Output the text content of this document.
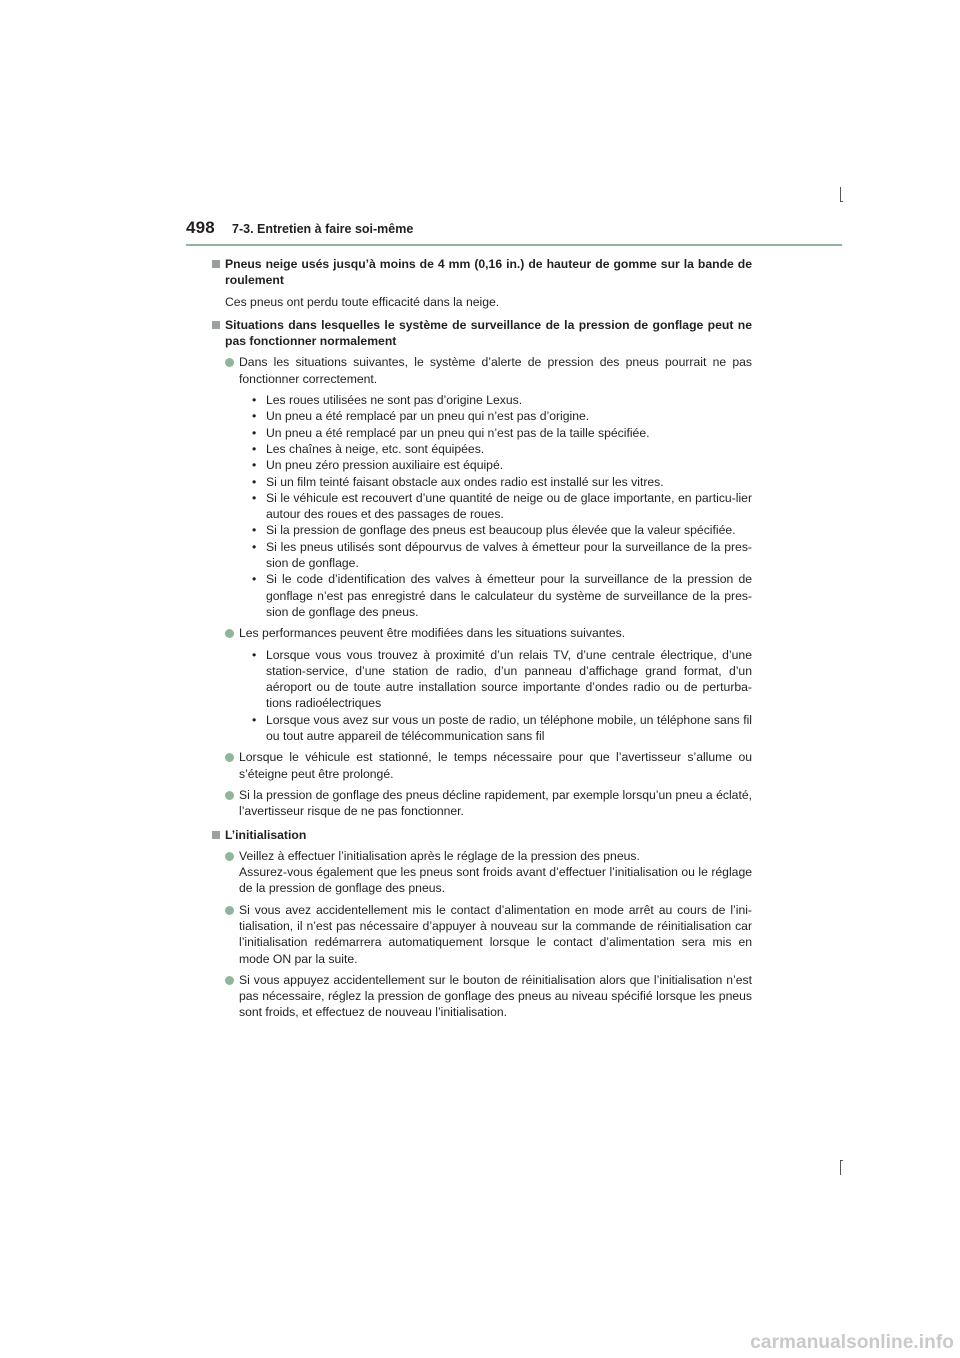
498 7-3. Entretien à faire soi-même
Pneus neige usés jusqu’à moins de 4 mm (0,16 in.) de hauteur de gomme sur la bande de roulement
Ces pneus ont perdu toute efficacité dans la neige.
Situations dans lesquelles le système de surveillance de la pression de gonflage peut ne pas fonctionner normalement

Dans les situations suivantes, le système d’alerte de pression des pneus pourrait ne pas fonctionner correctement.

• Les roues utilisées ne sont pas d’origine Lexus.
• Un pneu a été remplacé par un pneu qui n’est pas d’origine.
• Un pneu a été remplacé par un pneu qui n’est pas de la taille spécifiée.
• Les chaînes à neige, etc. sont équipées.
• Un pneu zéro pression auxiliaire est équipé.
• Si un film teinté faisant obstacle aux ondes radio est installé sur les vitres.
• Si le véhicule est recouvert d’une quantité de neige ou de glace importante, en particu-lier autour des roues et des passages de roues.
• Si la pression de gonflage des pneus est beaucoup plus élevée que la valeur spécifiée.
• Si les pneus utilisés sont dépourvus de valves à émetteur pour la surveillance de la pres-sion de gonflage.
• Si le code d’identification des valves à émetteur pour la surveillance de la pression de gonflage n’est pas enregistré dans le calculateur du système de surveillance de la pres-sion de gonflage des pneus.

Les performances peuvent être modifiées dans les situations suivantes.

• Lorsque vous vous trouvez à proximité d’un relais TV, d’une centrale électrique, d’une station-service, d’une station de radio, d’un panneau d’affichage grand format, d’un aéroport ou de toute autre installation source importante d’ondes radio ou de perturba-tions radioélectriques
• Lorsque vous avez sur vous un poste de radio, un téléphone mobile, un téléphone sans fil ou tout autre appareil de télécommunication sans fil

Lorsque le véhicule est stationné, le temps nécessaire pour que l’avertisseur s’allume ou s’éteigne peut être prolongé.

Si la pression de gonflage des pneus décline rapidement, par exemple lorsqu’un pneu a éclaté, l’avertisseur risque de ne pas fonctionner.

L’initialisation

Veillez à effectuer l’initialisation après le réglage de la pression des pneus.

Assurez-vous également que les pneus sont froids avant d’effectuer l’initialisation ou le réglage de la pression de gonflage des pneus.

Si vous avez accidentellement mis le contact d’alimentation en mode arrêt au cours de l’ini-tialisation, il n’est pas nécessaire d’appuyer à nouveau sur la commande de réinitialisation car l’initialisation redémarrera automatiquement lorsque le contact d’alimentation sera mis en mode ON par la suite.

Si vous appuyez accidentellement sur le bouton de réinitialisation alors que l’initialisation n’est pas nécessaire, réglez la pression de gonflage des pneus au niveau spécifié lorsque les pneus sont froids, et effectuez de nouveau l’initialisation.

carmanualsonline.info
